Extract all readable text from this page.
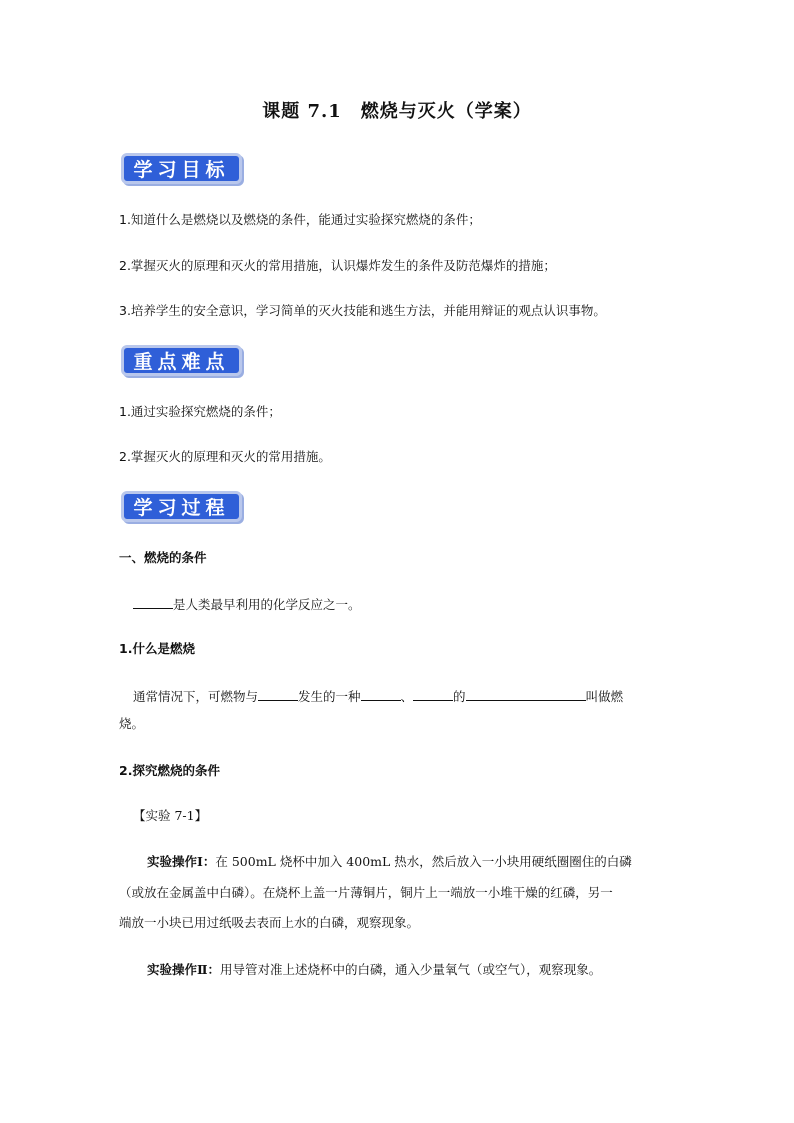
课题 7.1　燃烧与灭火（学案）
学习目标
1.知道什么是燃烧以及燃烧的条件，能通过实验探究燃烧的条件；
2.掌握灭火的原理和灭火的常用措施，认识爆炸发生的条件及防范爆炸的措施；
3.培养学生的安全意识，学习简单的灭火技能和逃生方法，并能用辩证的观点认识事物。
重点难点
1.通过实验探究燃烧的条件；
2.掌握灭火的原理和灭火的常用措施。
学习过程
一、燃烧的条件
是人类最早利用的化学反应之一。
1.什么是燃烧
通常情况下，可燃物与	发生的一种	、	的	叫做燃
烧。
2.探究燃烧的条件
【实验 7-1】
实验操作Ⅰ：在 500mL 烧杯中加入 400mL 热水，然后放入一小块用硬纸圈圈住的白磷
（或放在金属盖中白磷）。在烧杯上盖一片薄铜片，铜片上一端放一小堆干燥的红磷，另一
端放一小块已用过纸吸去表而上水的白磷，观察现象。
实验操作Ⅱ：用导管对准上述烧杯中的白磷，通入少量氧气（或空气），观察现象。
